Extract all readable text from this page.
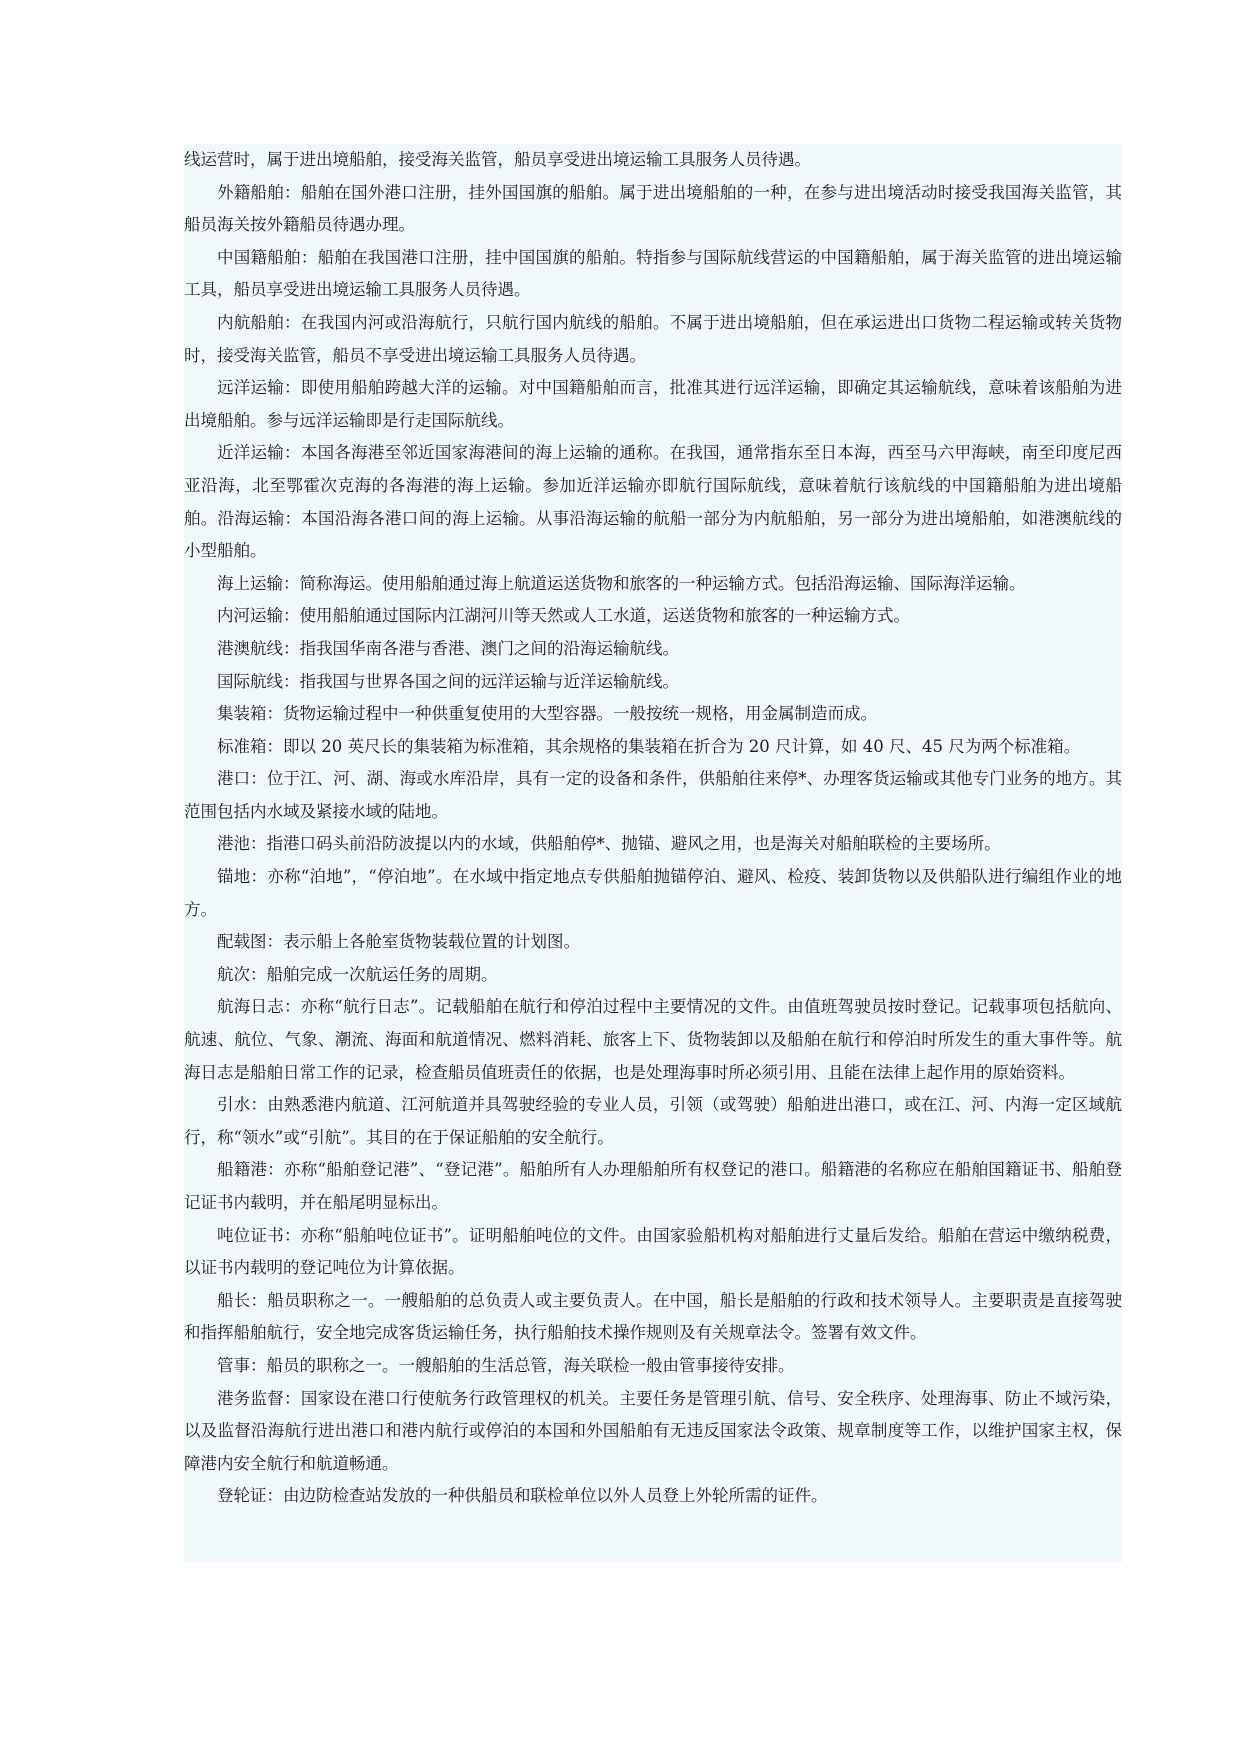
线运营时，属于进出境船舶，接受海关监管，船员享受进出境运输工具服务人员待遇。

外籍船舶：船舶在国外港口注册，挂外国国旗的船舶。属于进出境船舶的一种，在参与进出境活动时接受我国海关监管，其船员海关按外籍船员待遇办理。

中国籍船舶：船舶在我国港口注册，挂中国国旗的船舶。特指参与国际航线营运的中国籍船舶，属于海关监管的进出境运输工具，船员享受进出境运输工具服务人员待遇。

内航船舶：在我国内河或沿海航行，只航行国内航线的船舶。不属于进出境船舶，但在承运进出口货物二程运输或转关货物时，接受海关监管，船员不享受进出境运输工具服务人员待遇。

远洋运输：即使用船舶跨越大洋的运输。对中国籍船舶而言，批准其进行远洋运输，即确定其运输航线，意味着该船舶为进出境船舶。参与远洋运输即是行走国际航线。

近洋运输：本国各海港至邻近国家海港间的海上运输的通称。在我国，通常指东至日本海，西至马六甲海峡，南至印度尼西亚沿海，北至鄂霍次克海的各海港的海上运输。参加近洋运输亦即航行国际航线，意味着航行该航线的中国籍船舶为进出境船舶。沿海运输：本国沿海各港口间的海上运输。从事沿海运输的航船一部分为内航船舶，另一部分为进出境船舶，如港澳航线的小型船舶。

海上运输：简称海运。使用船舶通过海上航道运送货物和旅客的一种运输方式。包括沿海运输、国际海洋运输。

内河运输：使用船舶通过国际内江湖河川等天然或人工水道，运送货物和旅客的一种运输方式。

港澳航线：指我国华南各港与香港、澳门之间的沿海运输航线。

国际航线：指我国与世界各国之间的远洋运输与近洋运输航线。

集装箱：货物运输过程中一种供重复使用的大型容器。一般按统一规格，用金属制造而成。

标准箱：即以 20 英尺长的集装箱为标准箱，其余规格的集装箱在折合为 20 尺计算，如 40 尺、45 尺为两个标准箱。

港口：位于江、河、湖、海或水库沿岸，具有一定的设备和条件，供船舶往来停*、办理客货运输或其他专门业务的地方。其范围包括内水域及紧接水域的陆地。

港池：指港口码头前沿防波提以内的水域，供船舶停*、抛锚、避风之用，也是海关对船舶联检的主要场所。

锚地：亦称“泊地”，“停泊地”。在水域中指定地点专供船舶抛锚停泊、避风、检疫、装卸货物以及供船队进行编组作业的地方。

配载图：表示船上各舱室货物装载位置的计划图。

航次：船舶完成一次航运任务的周期。

航海日志：亦称“航行日志”。记载船舶在航行和停泊过程中主要情况的文件。由值班驾驶员按时登记。记载事项包括航向、航速、航位、气象、潮流、海面和航道情况、燃料消耗、旅客上下、货物装卸以及船舶在航行和停泊时所发生的重大事件等。航海日志是船舶日常工作的记录，检查船员值班责任的依据，也是处理海事时所必须引用、且能在法律上起作用的原始资料。

引水：由熟悉港内航道、江河航道并具驾驶经验的专业人员，引领（或驾驶）船舶进出港口，或在江、河、内海一定区域航行，称“领水”或“引航”。其目的在于保证船舶的安全航行。

船籍港：亦称“船舶登记港”、“登记港”。船舶所有人办理船舶所有权登记的港口。船籍港的名称应在船舶国籍证书、船舶登记证书内载明，并在船尾明显标出。

吨位证书：亦称“船舶吨位证书”。证明船舶吨位的文件。由国家验船机构对船舶进行丈量后发给。船舶在营运中缴纳税费，以证书内载明的登记吨位为计算依据。

船长：船员职称之一。一艘船舶的总负责人或主要负责人。在中国，船长是船舶的行政和技术领导人。主要职责是直接驾驶和指挥船舶航行，安全地完成客货运输任务，执行船舶技术操作规则及有关规章法令。签署有效文件。

管事：船员的职称之一。一艘船舶的生活总管，海关联检一般由管事接待安排。

港务监督：国家设在港口行使航务行政管理权的机关。主要任务是管理引航、信号、安全秩序、处理海事、防止不域污染，以及监督沿海航行进出港口和港内航行或停泊的本国和外国船舶有无违反国家法令政策、规章制度等工作，以维护国家主权，保障港内安全航行和航道畅通。

登轮证：由边防检查站发放的一种供船员和联检单位以外人员登上外轮所需的证件。
